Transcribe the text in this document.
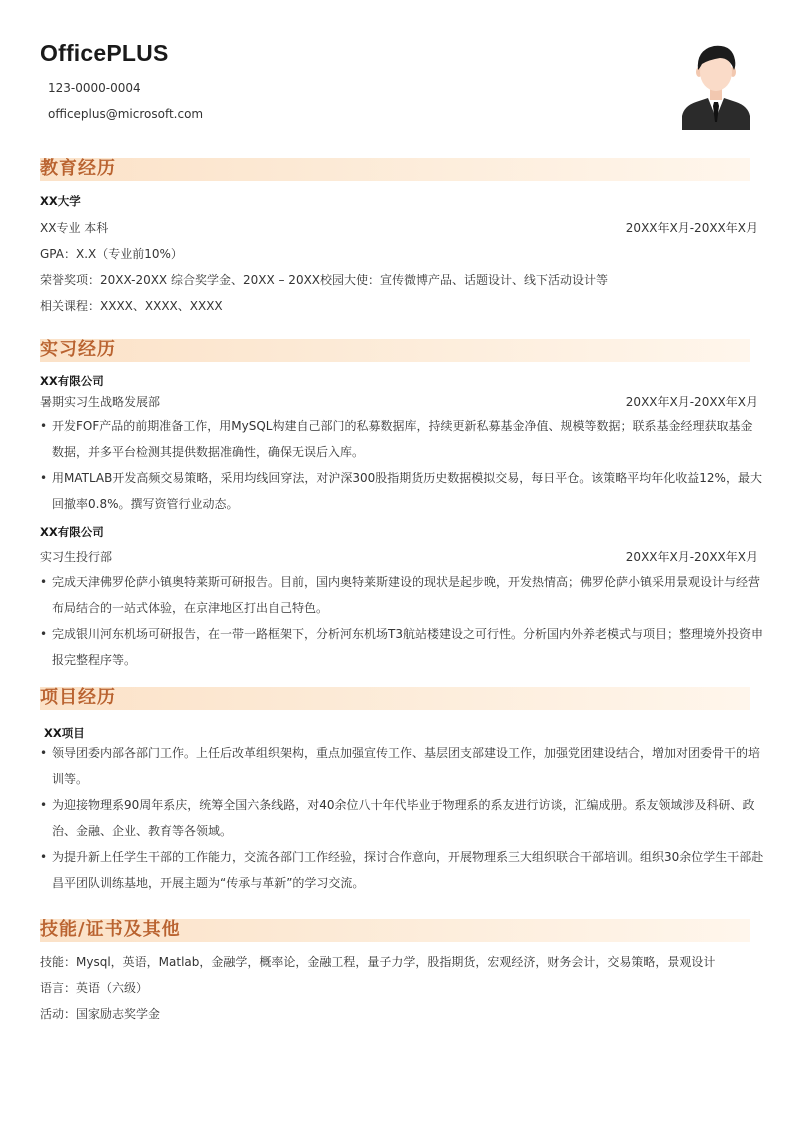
OfficePLUS
123-0000-0004
officeplus@microsoft.com
教育经历
XX大学
XX专业 本科	20XX年X月-20XX年X月
GPA：X.X（专业前10%）
荣誉奖项：20XX-20XX 综合奖学金、20XX – 20XX校园大使：宣传微博产品、话题设计、线下活动设计等
相关课程：XXXX、XXXX、XXXX
实习经历
XX有限公司
暑期实习生战略发展部	20XX年X月-20XX年X月
• 开发FOF产品的前期准备工作，用MySQL构建自己部门的私募数据库，持续更新私募基金净值、规模等数据；联系基金经理获取基金数据，并多平台检测其提供数据准确性，确保无误后入库。
• 用MATLAB开发高频交易策略，采用均线回穿法，对沪深300股指期货历史数据模拟交易，每日平仓。该策略平均年化收益12%，最大回撤率0.8%。撰写资管行业动态。
XX有限公司
实习生投行部	20XX年X月-20XX年X月
• 完成天津佛罗伦萨小镇奥特莱斯可研报告。目前，国内奥特莱斯建设的现状是起步晚，开发热情高；佛罗伦萨小镇采用景观设计与经营布局结合的一站式体验，在京津地区打出自己特色。
• 完成银川河东机场可研报告，在一带一路框架下，分析河东机场T3航站楼建设之可行性。分析国内外养老模式与项目；整理境外投资申报完整程序等。
项目经历
XX项目
• 领导团委内部各部门工作。上任后改革组织架构，重点加强宣传工作、基层团支部建设工作，加强党团建设结合，增加对团委骨干的培训等。
• 为迎接物理系90周年系庆，统筹全国六条线路，对40余位八十年代毕业于物理系的系友进行访谈，汇编成册。系友领域涉及科研、政治、金融、企业、教育等各领域。
• 为提升新上任学生干部的工作能力，交流各部门工作经验，探讨合作意向，开展物理系三大组织联合干部培训。组织30余位学生干部赴昌平团队训练基地，开展主题为“传承与革新”的学习交流。
技能/证书及其他
技能：Mysql，英语，Matlab，金融学，概率论，金融工程，量子力学，股指期货，宏观经济，财务会计，交易策略，景观设计
语言：英语（六级）
活动：国家励志奖学金
